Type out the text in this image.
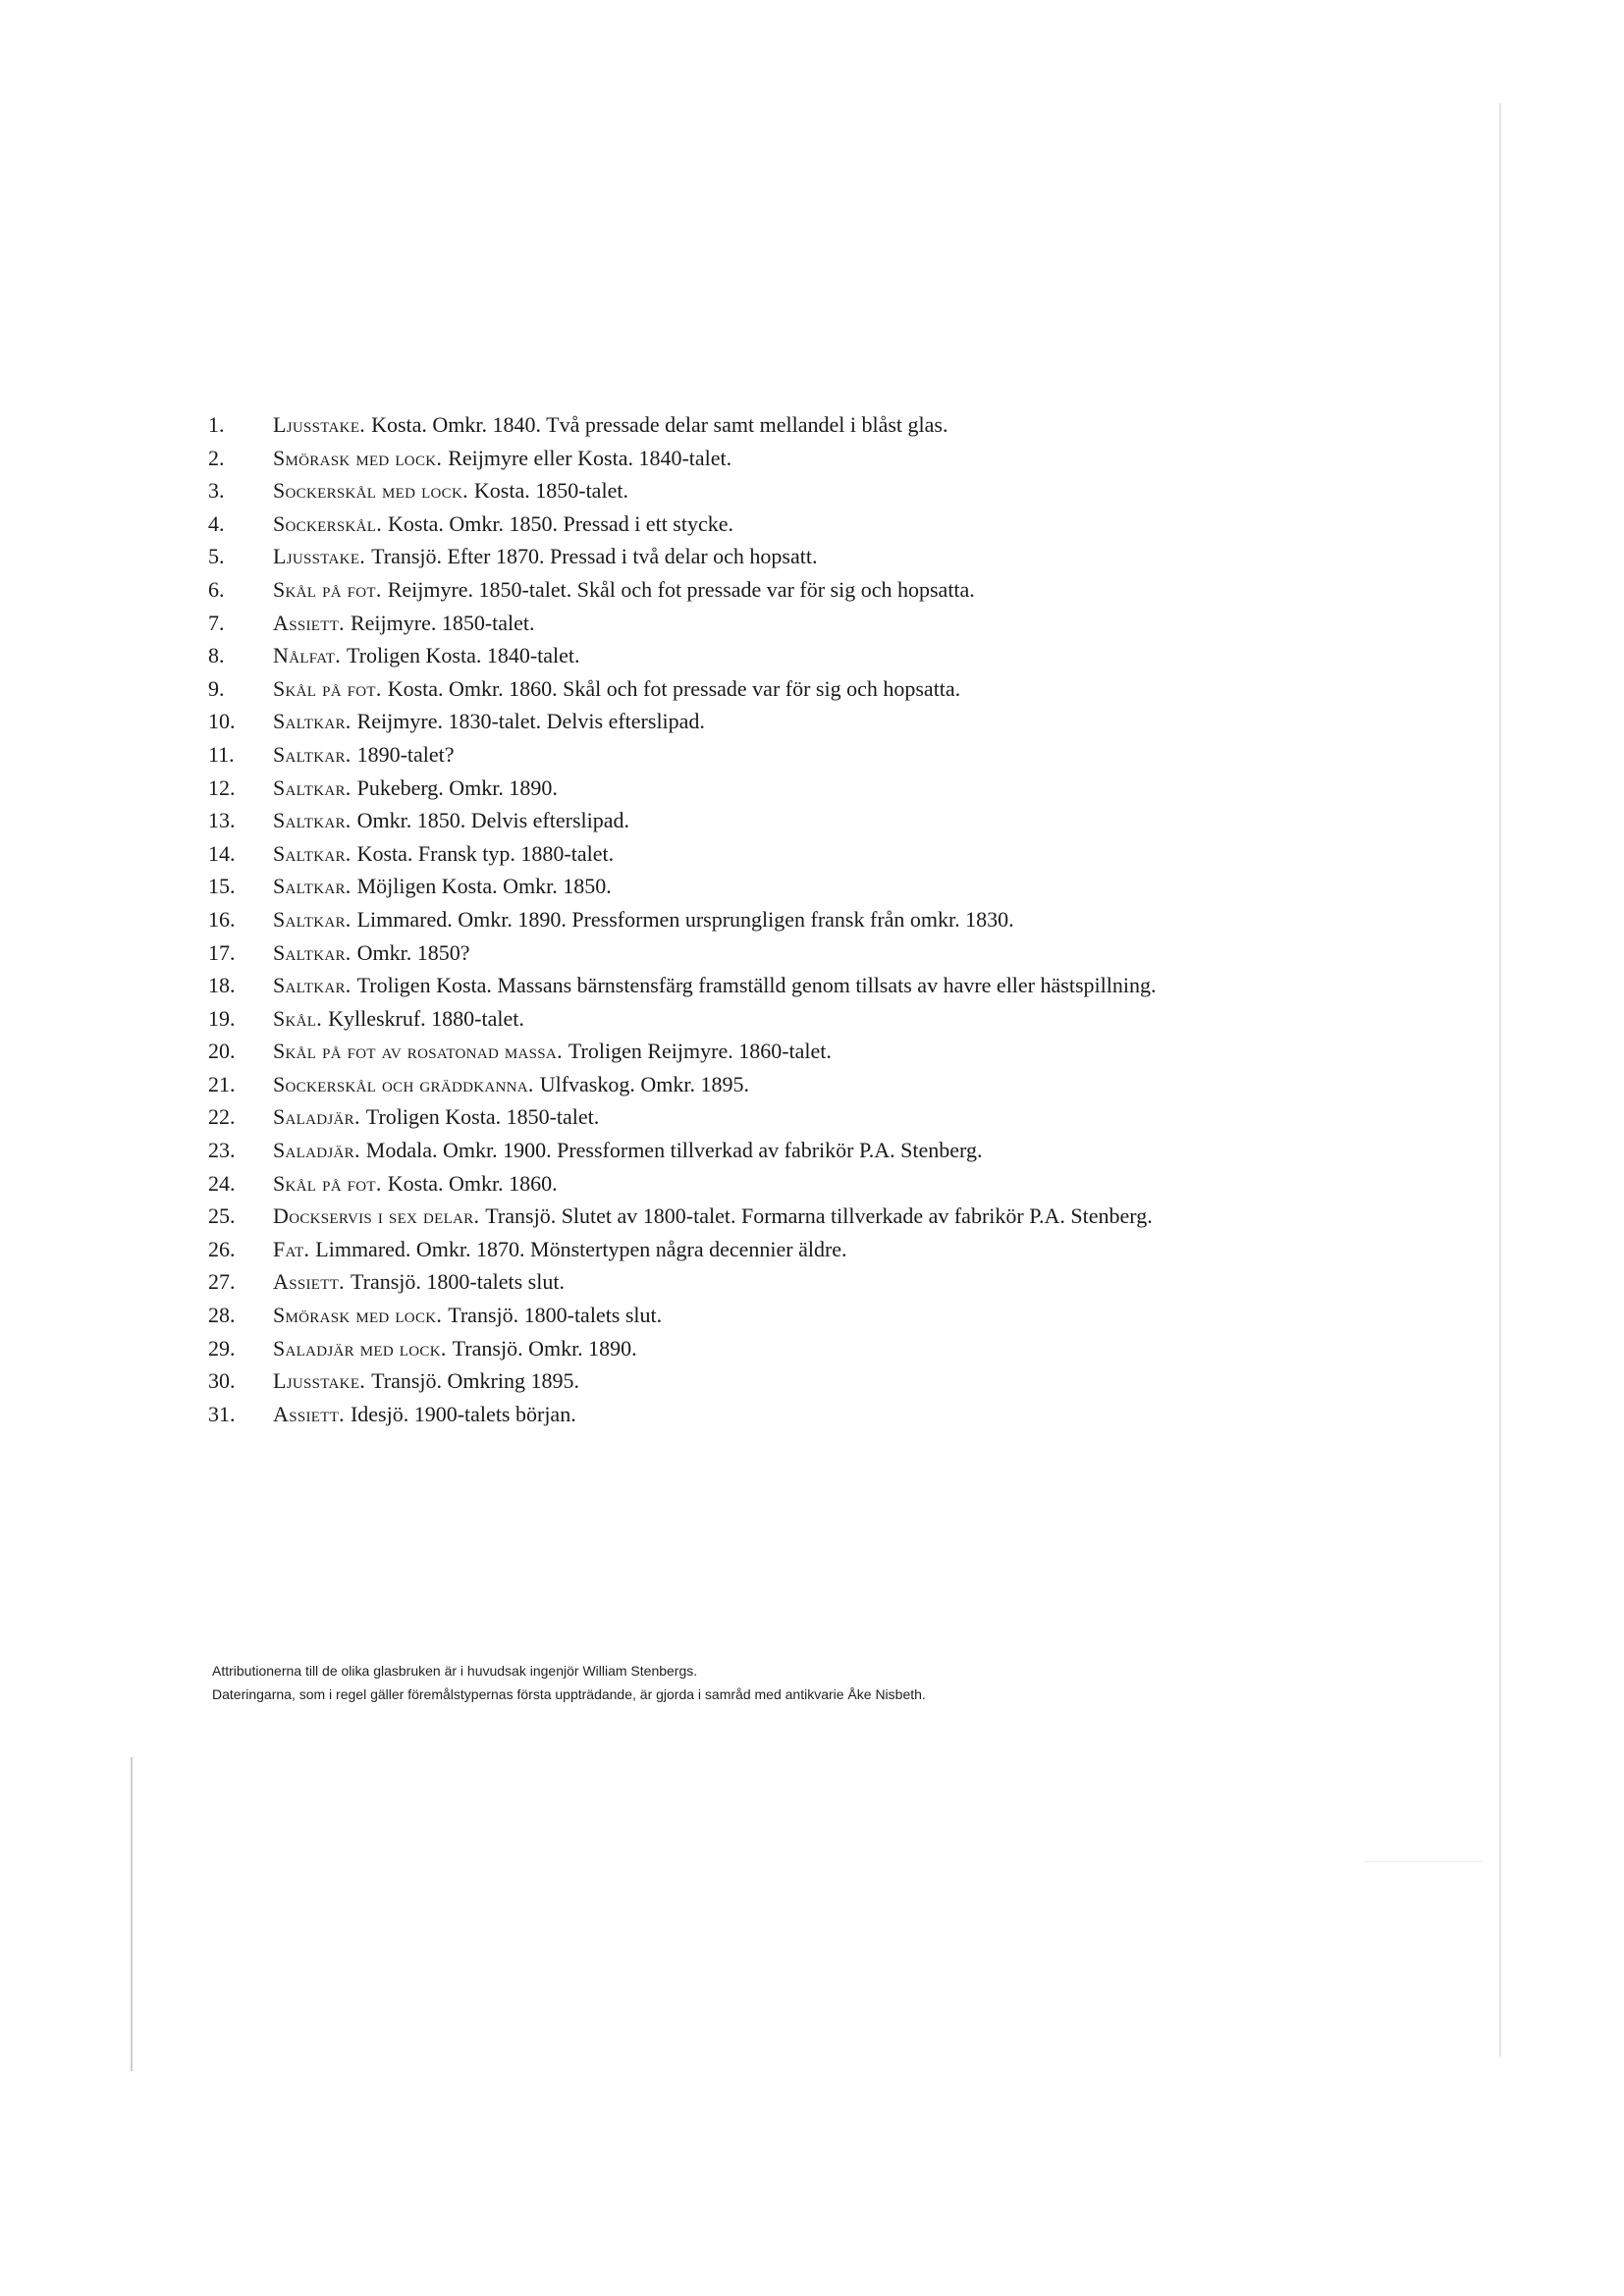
1.	Ljusstake. Kosta. Omkr. 1840. Två pressade delar samt mellandel i blåst glas.
2.	Smörask med lock. Reijmyre eller Kosta. 1840-talet.
3.	Sockerskål med lock. Kosta. 1850-talet.
4.	Sockerskål. Kosta. Omkr. 1850. Pressad i ett stycke.
5.	Ljusstake. Transjö. Efter 1870. Pressad i två delar och hopsatt.
6.	Skål på fot. Reijmyre. 1850-talet. Skål och fot pressade var för sig och hopsatta.
7.	Assiett. Reijmyre. 1850-talet.
8.	Nålfat. Troligen Kosta. 1840-talet.
9.	Skål på fot. Kosta. Omkr. 1860. Skål och fot pressade var för sig och hopsatta.
10.	Saltkar. Reijmyre. 1830-talet. Delvis efterslipad.
11.	Saltkar. 1890-talet?
12.	Saltkar. Pukeberg. Omkr. 1890.
13.	Saltkar. Omkr. 1850. Delvis efterslipad.
14.	Saltkar. Kosta. Fransk typ. 1880-talet.
15.	Saltkar. Möjligen Kosta. Omkr. 1850.
16.	Saltkar. Limmared. Omkr. 1890. Pressformen ursprungligen fransk från omkr. 1830.
17.	Saltkar. Omkr. 1850?
18.	Saltkar. Troligen Kosta. Massans bärnstensfärg framställd genom tillsats av havre eller hästspillning.
19.	Skål. Kylleskruf. 1880-talet.
20.	Skål på fot av rosatonad massa. Troligen Reijmyre. 1860-talet.
21.	Sockerskål och gräddkanna. Ulfvaskog. Omkr. 1895.
22.	Saladjär. Troligen Kosta. 1850-talet.
23.	Saladjär. Modala. Omkr. 1900. Pressformen tillverkad av fabrikör P.A. Stenberg.
24.	Skål på fot. Kosta. Omkr. 1860.
25.	Dockservis i sex delar. Transjö. Slutet av 1800-talet. Formarna tillverkade av fabrikör P.A. Stenberg.
26.	Fat. Limmared. Omkr. 1870. Mönstertypen några decennier äldre.
27.	Assiett. Transjö. 1800-talets slut.
28.	Smörask med lock. Transjö. 1800-talets slut.
29.	Saladjär med lock. Transjö. Omkr. 1890.
30.	Ljusstake. Transjö. Omkring 1895.
31.	Assiett. Idesjö. 1900-talets början.
Attributionerna till de olika glasbruken är i huvudsak ingenjör William Stenbergs.
Dateringarna, som i regel gäller föremålstypernas första uppträdande, är gjorda i samråd med antikvarie Åke Nisbeth.
